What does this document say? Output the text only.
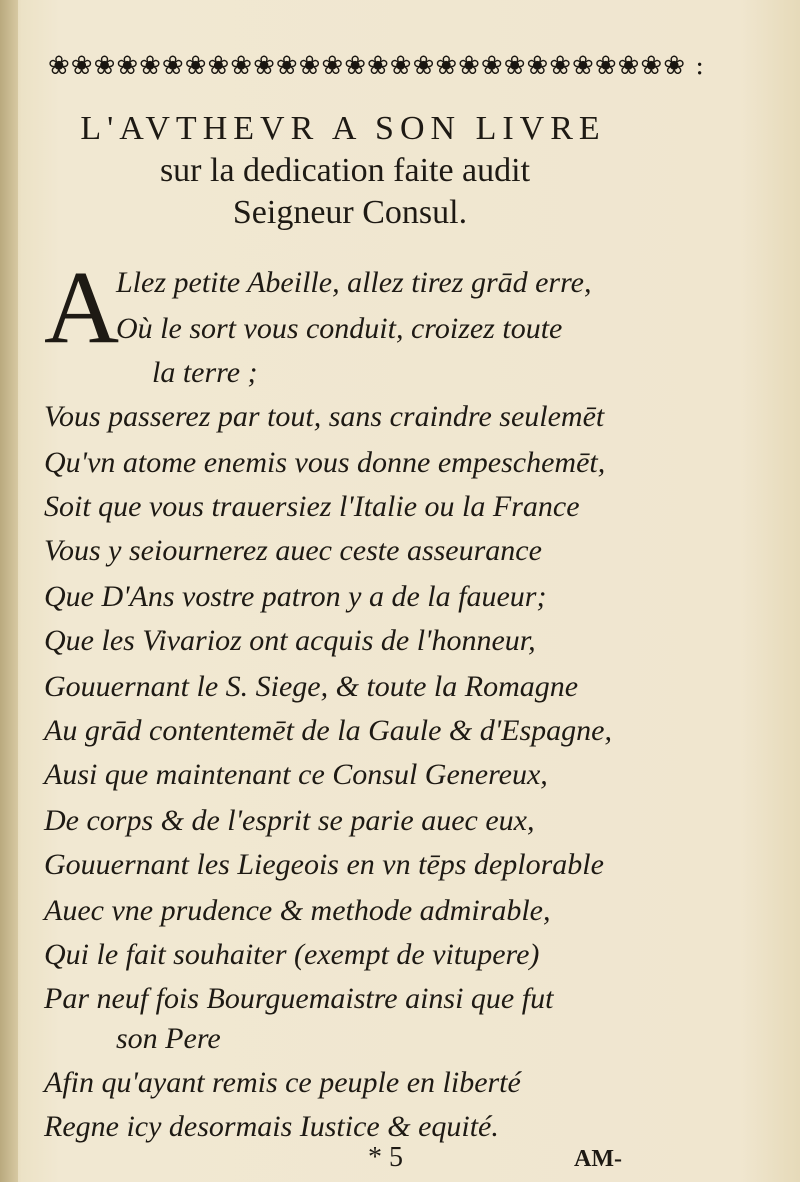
❀❀❀❀❀❀❀❀❀❀❀❀❀❀❀❀❀❀❀❀❀❀❀❀❀❀❀❀ :
L'AVTHEVR A SON LIVRE
sur la dedication faite audit
Seigneur Consul.
A
Llez petite Abeille, allez tirez grād erre,
Où le sort vous conduit, croizez toute
la terre ;
Vous passerez par tout, sans craindre seulemēt
Qu'vn atome enemis vous donne empeschemēt,
Soit que vous trauersiez l'Italie ou la France
Vous y seiournerez auec ceste asseurance
Que D'Ans vostre patron y a de la faueur;
Que les Vivarioz ont acquis de l'honneur,
Gouuernant le S. Siege, & toute la Romagne
Au grād contentemēt de la Gaule & d'Espagne,
Ausi que maintenant ce Consul Genereux,
De corps & de l'esprit se parie auec eux,
Gouuernant les Liegeois en vn tēps deplorable
Auec vne prudence & methode admirable,
Qui le fait souhaiter (exempt de vitupere)
Par neuf fois Bourguemaistre ainsi que fut
son Pere
Afin qu'ayant remis ce peuple en liberté
Regne icy desormais Iustice & equité.
* 5	AM-
